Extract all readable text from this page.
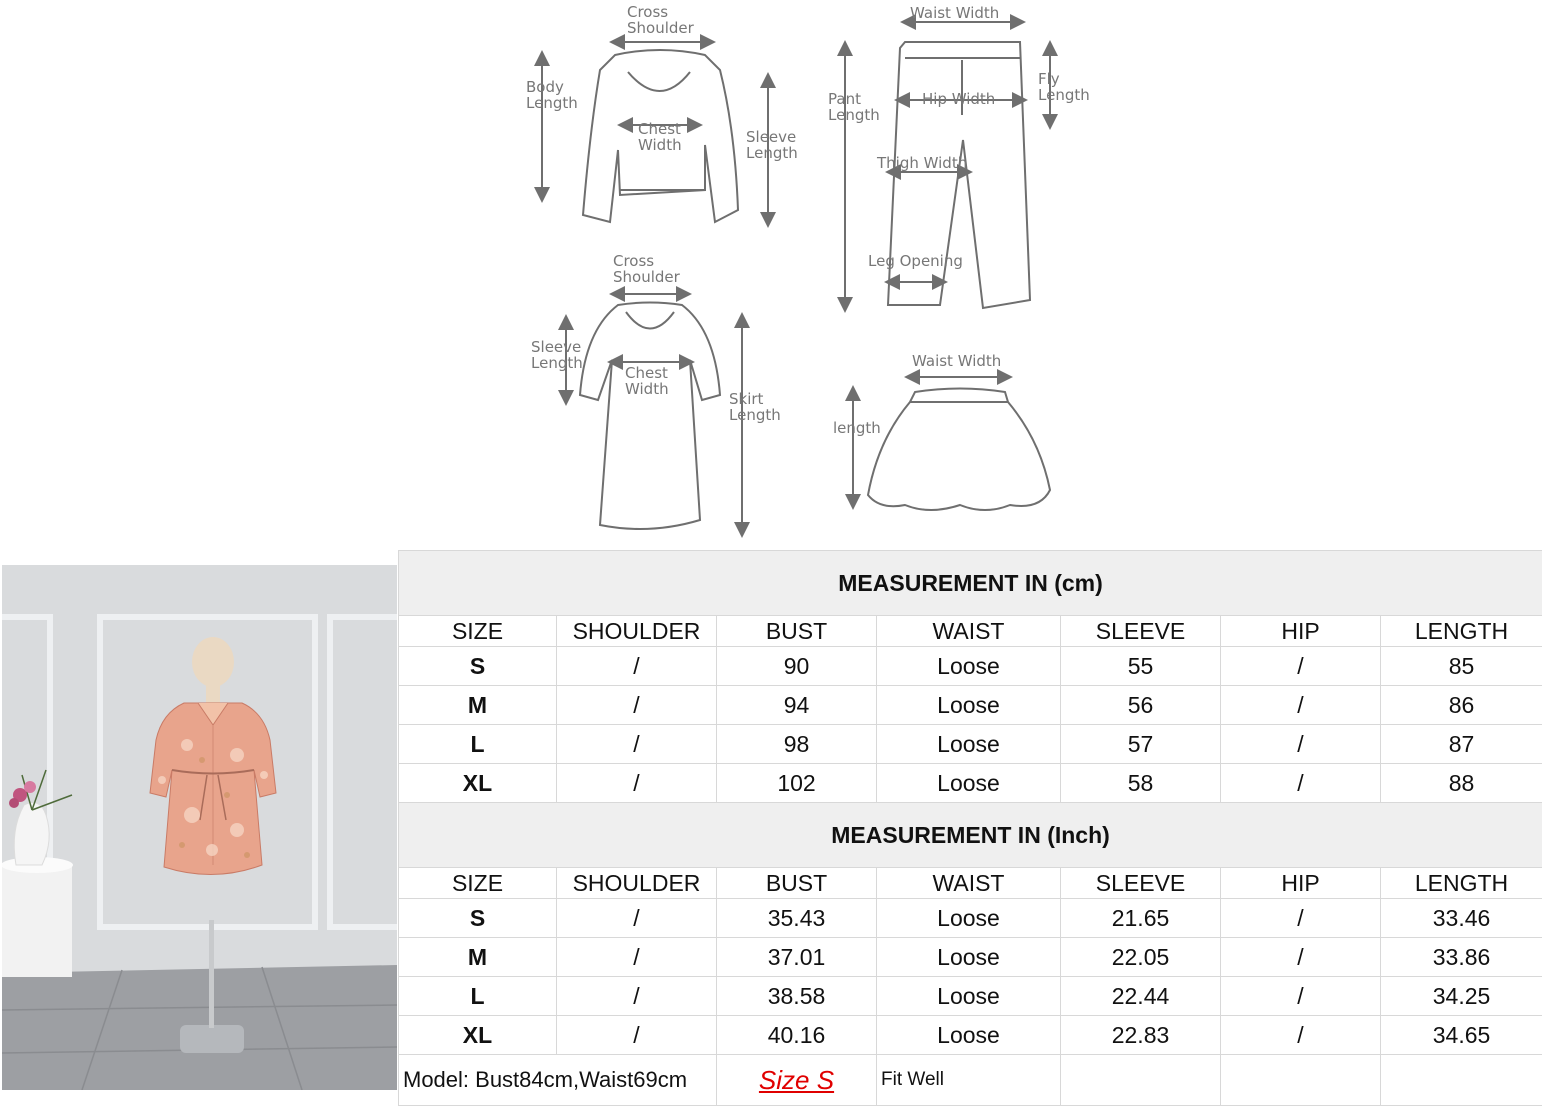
Cross
Shoulder
Body
Length
Chest
Width	Sleeve
Length
Waist Width
Pant
Length
Hip Width
Fly
Length
Thigh Width
Leg Opening
Cross
Shoulder
Sleeve
Length
Chest
Width
Skirt
Length
Waist Width
length
MEASUREMENT IN (cm)						
SIZE	SHOULDER	BUST	WAIST	SLEEVE	HIP	LENGTH
S	/	90	Loose	55	/	85
M	/	94	Loose	56	/	86
L	/	98	Loose	57	/	87
XL	/	102	Loose	58	/	88
MEASUREMENT IN (Inch)						
SIZE	SHOULDER	BUST	WAIST	SLEEVE	HIP	LENGTH
S	/	35.43	Loose	21.65	/	33.46
M	/	37.01	Loose	22.05	/	33.86
L	/	38.58	Loose	22.44	/	34.25
XL	/	40.16	Loose	22.83	/	34.65
Model: Bust84cm,Waist69cm		Size S	Fit Well			
